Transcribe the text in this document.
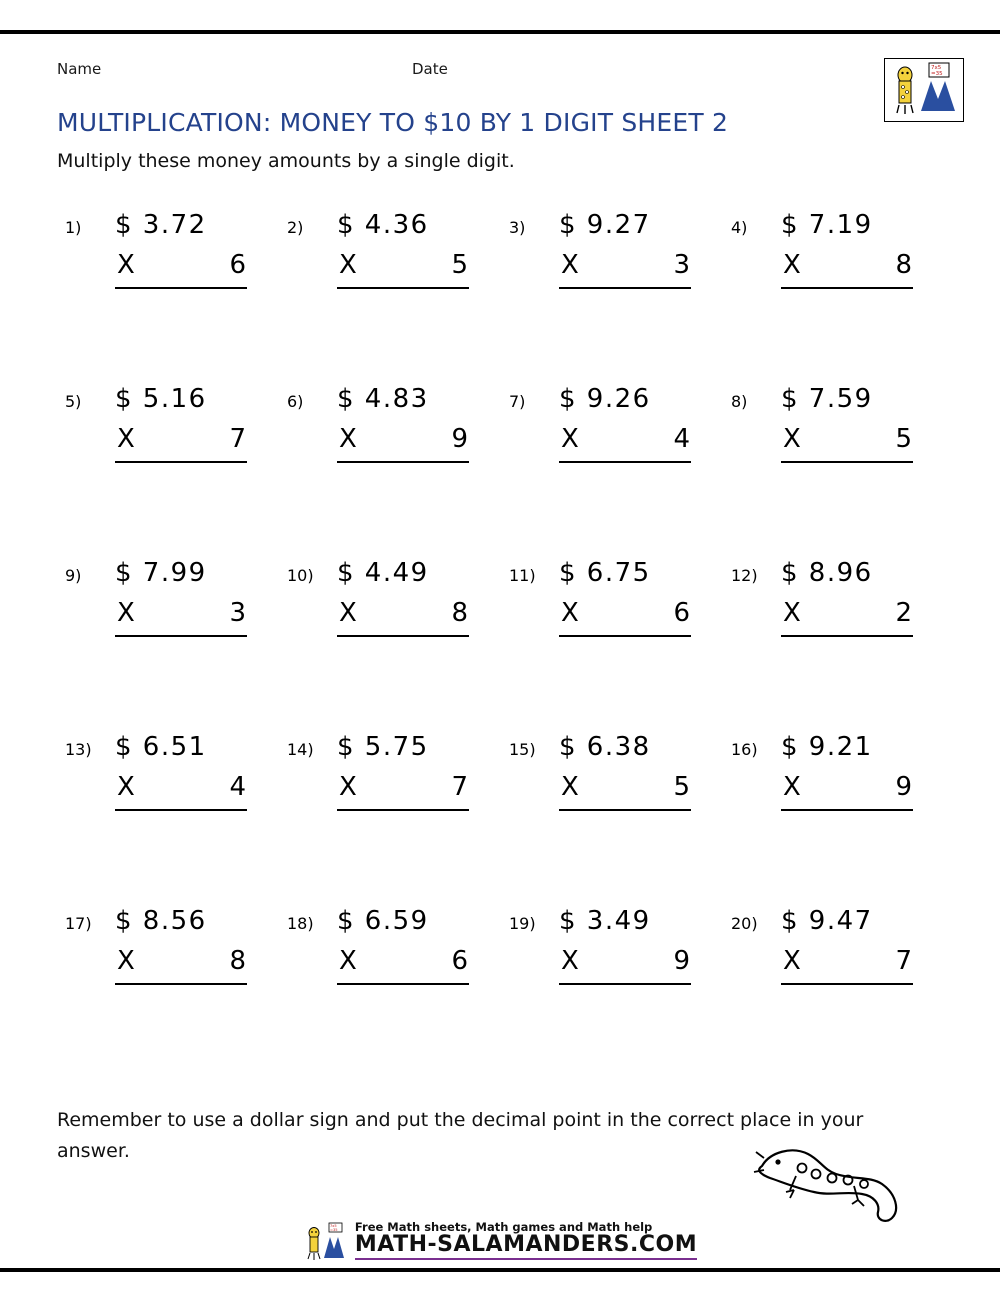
Name	Date	7x5
=35
MULTIPLICATION: MONEY TO $10 BY 1 DIGIT SHEET 2
Multiply these money amounts by a single digit.
1) $ 3.72
X	6
2) $ 4.36
X	5
3) $ 9.27
X	3
4) $ 7.19
X	8
5) $ 5.16
X	7
6) $ 4.83
X	9
7) $ 9.26
X	4
8) $ 7.59
X	5
9) $ 7.99
X	3
10) $ 4.49
X	8
11) $ 6.75
X	6
12) $ 8.96
X	2
13) $ 6.51
X	4
14) $ 5.75
X	7
15) $ 6.38
X	5
16) $ 9.21
X	9
17) $ 8.56
X	8
18) $ 6.59
X	6
19) $ 3.49
X	9
20) $ 9.47
X	7
Remember to use a dollar sign and put the decimal point in the correct place in your answer.
7x5
=35 Free Math sheets, Math games and Math help
MATH-SALAMANDERS.COM
